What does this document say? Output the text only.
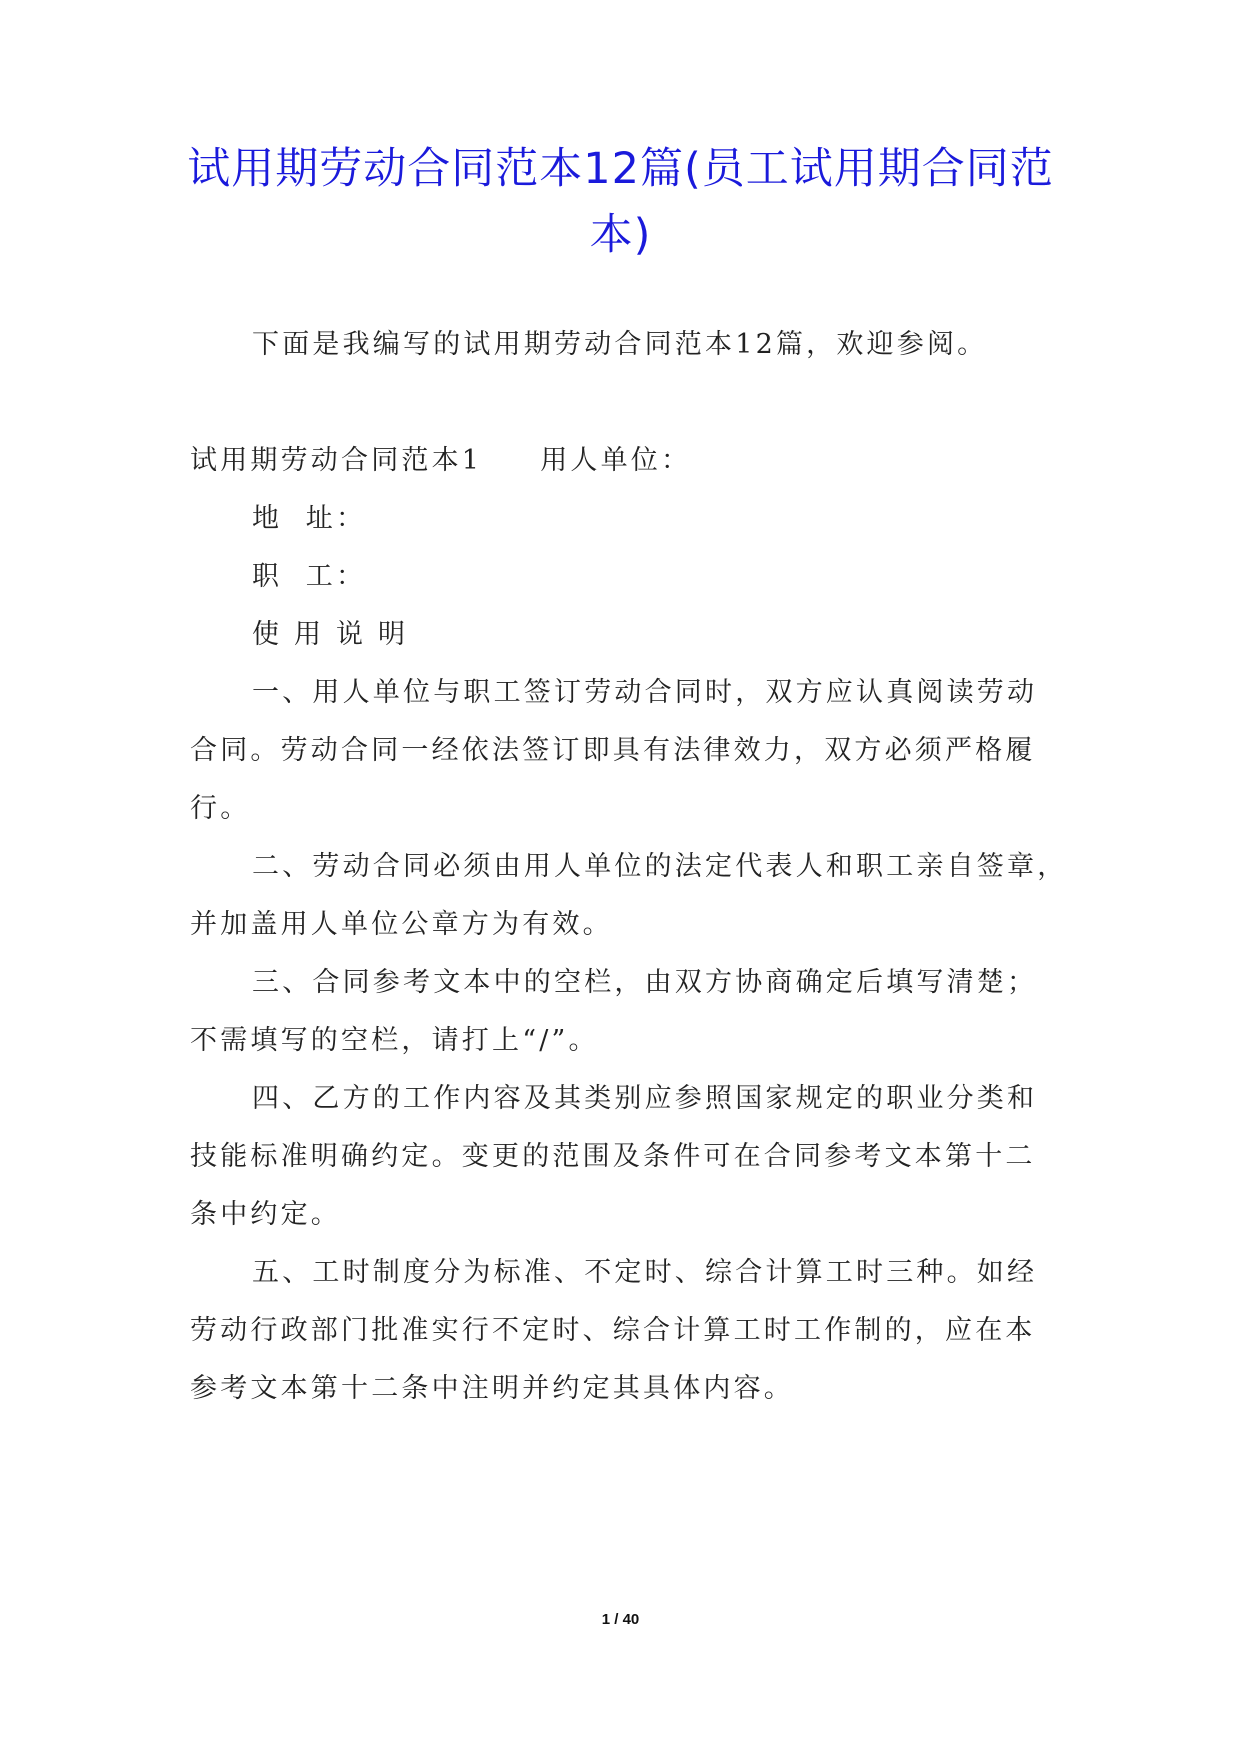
试用期劳动合同范本12篇(员工试用期合同范本)
下面是我编写的试用期劳动合同范本12篇，欢迎参阅。
试用期劳动合同范本1 用人单位：
地  址：
职  工：
使 用 说 明
一、用人单位与职工签订劳动合同时，双方应认真阅读劳动
合同。劳动合同一经依法签订即具有法律效力，双方必须严格履
行。
二、劳动合同必须由用人单位的法定代表人和职工亲自签章，
并加盖用人单位公章方为有效。
三、合同参考文本中的空栏，由双方协商确定后填写清楚；
不需填写的空栏，请打上“/”。
四、乙方的工作内容及其类别应参照国家规定的职业分类和
技能标准明确约定。变更的范围及条件可在合同参考文本第十二
条中约定。
五、工时制度分为标准、不定时、综合计算工时三种。如经
劳动行政部门批准实行不定时、综合计算工时工作制的，应在本
参考文本第十二条中注明并约定其具体内容。
1 / 40
